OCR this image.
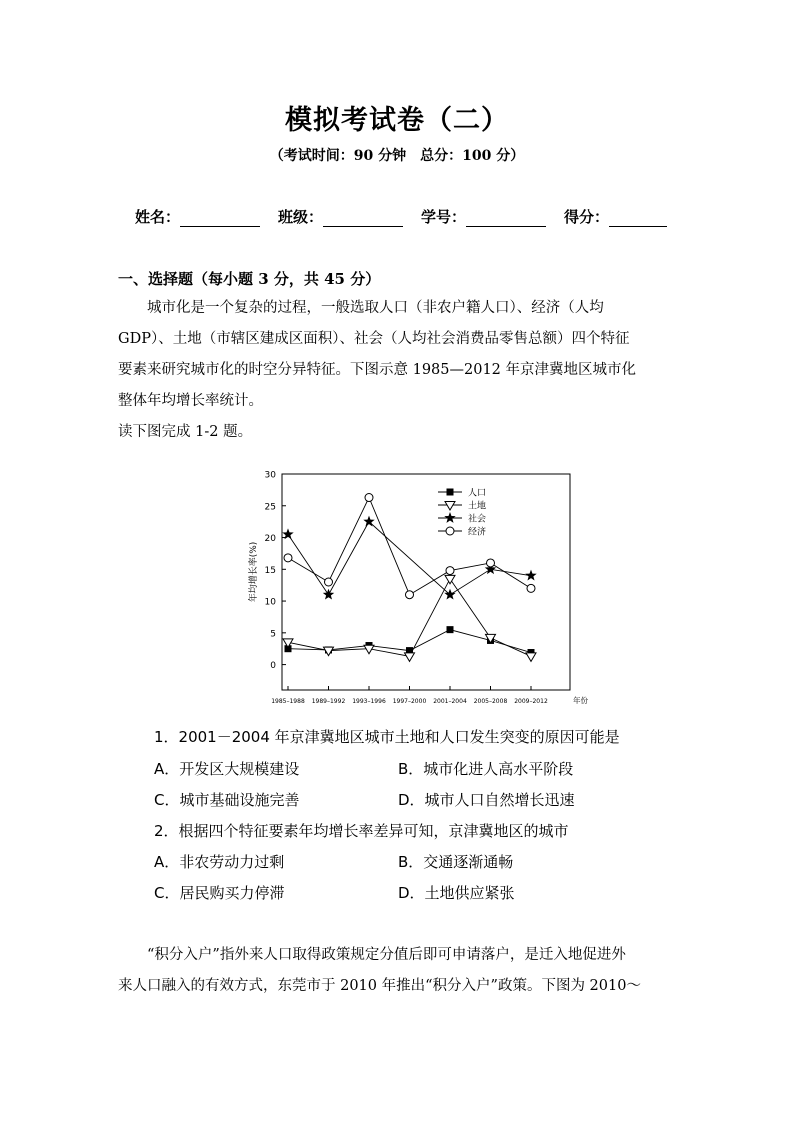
模拟考试卷（二）
（考试时间：90 分钟　总分：100 分）
姓名：	班级：	学号：	得分：
一、选择题（每小题 3 分，共 45 分）
城市化是一个复杂的过程，一般选取人口（非农户籍人口）、经济（人均
GDP）、土地（市辖区建成区面积）、社会（人均社会消费品零售总额）四个特征
要素来研究城市化的时空分异特征。下图示意 1985—2012 年京津冀地区城市化
整体年均增长率统计。
读下图完成 1-2 题。
0
5
10
15
20
25
30
1985–1988 1989–1992 1993–1996 1997–2000 2001–2004 2005–2008 2009–2012	年份
年均增长率(%)
人口
土地
社会
经济
1．2001－2004 年京津冀地区城市土地和人口发生突变的原因可能是
A．开发区大规模建设	B．城市化进人高水平阶段
C．城市基础设施完善	D．城市人口自然增长迅速
2．根据四个特征要素年均增长率差异可知，京津冀地区的城市
A．非农劳动力过剩	B．交通逐渐通畅
C．居民购买力停滞	D．土地供应紧张
“积分入户”指外来人口取得政策规定分值后即可申请落户，是迁入地促进外
来人口融入的有效方式，东莞市于 2010 年推出“积分入户”政策。下图为 2010～
